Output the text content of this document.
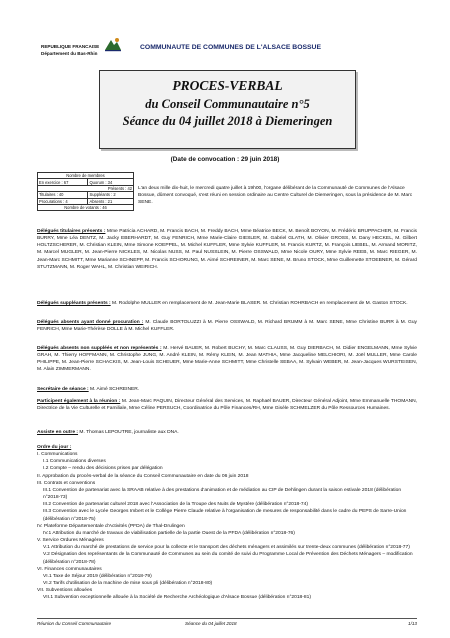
REPUBLIQUE FRANCAISE
Département du Bas-Rhin
COMMUNAUTE DE COMMUNES DE L'ALSACE BOSSUE
PROCES-VERBAL
du Conseil Communautaire n°5
Séance du 04 juillet 2018 à Diemeringen
(Date de convocation : 29 juin 2018)
Nombre de membres	
En exercice : 67	Quorum : 34
Présents : 42	
Titulaires : 40	Suppléants : 2
Procurations : 4	Absents : 21
Nombre de votants : 46	
L'an deux mille dix-huit, le mercredi quatre juillet à 19h00, l'organe délibérant de la Communauté de Communes de l'Alsace Bossue, dûment convoqué, s'est réuni en session ordinaire au Centre Culturel de Diemeringen, sous la présidence de M. Marc SENE.
Délégués titulaires présents : Mme Patricia ACHARD, M. Francis BACH, M. Freddy BACH, Mme Béatrice BECK, M. Benoît BOYON, M. Frédéric BRUPPACHER, M. Francis BURRY, Mme Léa DENTZ, M. Jacky EBERHARDT, M. Guy FENRICH, Mme Marie-Claire GIESLER, M. Gabriel GLATH, M. Olivier GROSS, M. Dany HECKEL, M. Gilbert HOLTZSCHERER, M. Christian KLEIN, Mme Simone KOEPPEL, M. Michel KUFFLER, Mme Sylvie KUFFLER, M. Francis KURTZ, M. François LIEBEL, M. Armand MORITZ, M. Marcel MUGLER, M. Jean-Pierre NICKLES, M. Nicolas NUSS, M. Paul NUSSLEIN, M. Pierre OSSWALD, Mme Nicole OURY, Mme Sylvie REEB, M. Marc RIEGER, M. Jean-Marc SCHMITT, Mme Marianne SCHNEPP, M. Francis SCHORUNG, M. Aimé SCHREINER, M. Marc SENE, M. Bruno STOCK, Mme Guillemette STOEBNER, M. Gérard STUTZMANN, M. Roger WAHL, M. Christian WEIRICH.
Délégués suppléants présents : M. Rodolphe MULLER en remplacement de M. Jean-Marie BLASER. M. Christian ROHRBACH en remplacement de M. Gaston STOCK.
Délégués absents ayant donné procuration : M. Claude BORTOLUZZI à M. Pierre OSSWALD, M. Richard BRUMM à M. Marc SENE, Mme Christine BURR à M. Guy FENRICH, Mme Marie-Thérèse DOLLE à M. Michel KUFFLER.
Délégués absents non suppléés et non représentés : M. Hervé BAUER, M. Robert BUCHY, M. Marc CLAUSS, M. Guy DIERBACH, M. Didier ENGELMANN, Mme Sylvie GRAH, M. Thierry HOFFMANN, M. Christophe JUNG, M. André KLEIN, M. Rémy KLEIN, M. Jean MATHIA, Mme Jacqueline MELCHIORI, M. Joël MULLER, Mme Carole PHILIPPE, M. Jean-Pierre SCHACKIS, M. Jean-Louis SCHEUER, Mme Marie-Anne SCHMITT, Mme Christelle SEBAA, M. Sylvain WEBER, M. Jean-Jacques WURSTEISEN, M. Alain ZIMMERMANN.
Secrétaire de séance : M. Aimé SCHREINER.
Participent également à la réunion : M. Jean-Marc PAQUIN, Directeur Général des Services, M. Raphaël BAUER, Directeur Général Adjoint, Mme Emmanuelle THOMANN, Directrice de la Vie Culturelle et Familiale, Mme Céline PERSUCH, Coordinatrice du Pôle Finances/RH, Mme Gisèle SCHMELZER du Pôle Ressources Humaines.
Assiste en outre : M. Thomas LEPOUTRE, journaliste aux DNA.
Ordre du jour :
I. Communications
I.1 Communications diverses
I.2 Compte – rendu des décisions prises par délégation
II. Approbation du procès-verbal de la séance du Conseil Communautaire en date du 06 juin 2018
III. Contrats et conventions
III.1 Convention de partenariat avec la SRAAB relative à des prestations d'animation et de médiation au CIP de Dehlingen durant la saison estivale 2018 (délibération n°2018-73)
III.2 Convention de partenariat culturel 2018 avec l'Association de la Troupe des Nuits de Mystère (délibération n°2018-74)
III.3 Convention avec le Lycée Georges Imbert et le Collège Pierre Claude relative à l'organisation de mesures de responsabilité dans le cadre du PEPS de Sarre-Union (délibération n°2018-75)
IV. Plateforme Départementale d'Activités (PFDA) de Thal-Drulingen
IV.1 Attribution du marché de travaux de viabilisation partielle de la partie Ouest de la PFDA (délibération n°2018-76)
V. Service Ordures Ménagères
V.1 Attribution du marché de prestations de service pour la collecte et le transport des déchets ménagers et assimilés sur trente-deux communes (délibération n°2018-77)
V.2 Désignation des représentants de la Communauté de Communes au sein du comité de suivi du Programme Local de Prévention des Déchets Ménagers – modification (délibération n°2018-78)
VI. Finances communautaires
VI.1 Taxe de Séjour 2019 (délibération n°2018-79)
VI.2 Tarifs d'utilisation de la machine de mise sous pli (délibération n°2018-80)
VII. Subventions allouées
VII.1 Subvention exceptionnelle allouée à la Société de Recherche Archéologique d'Alsace Bossue (délibération n°2018-81)
Réunion du Conseil Communautaire	Séance du 04 juillet 2018	1/13
